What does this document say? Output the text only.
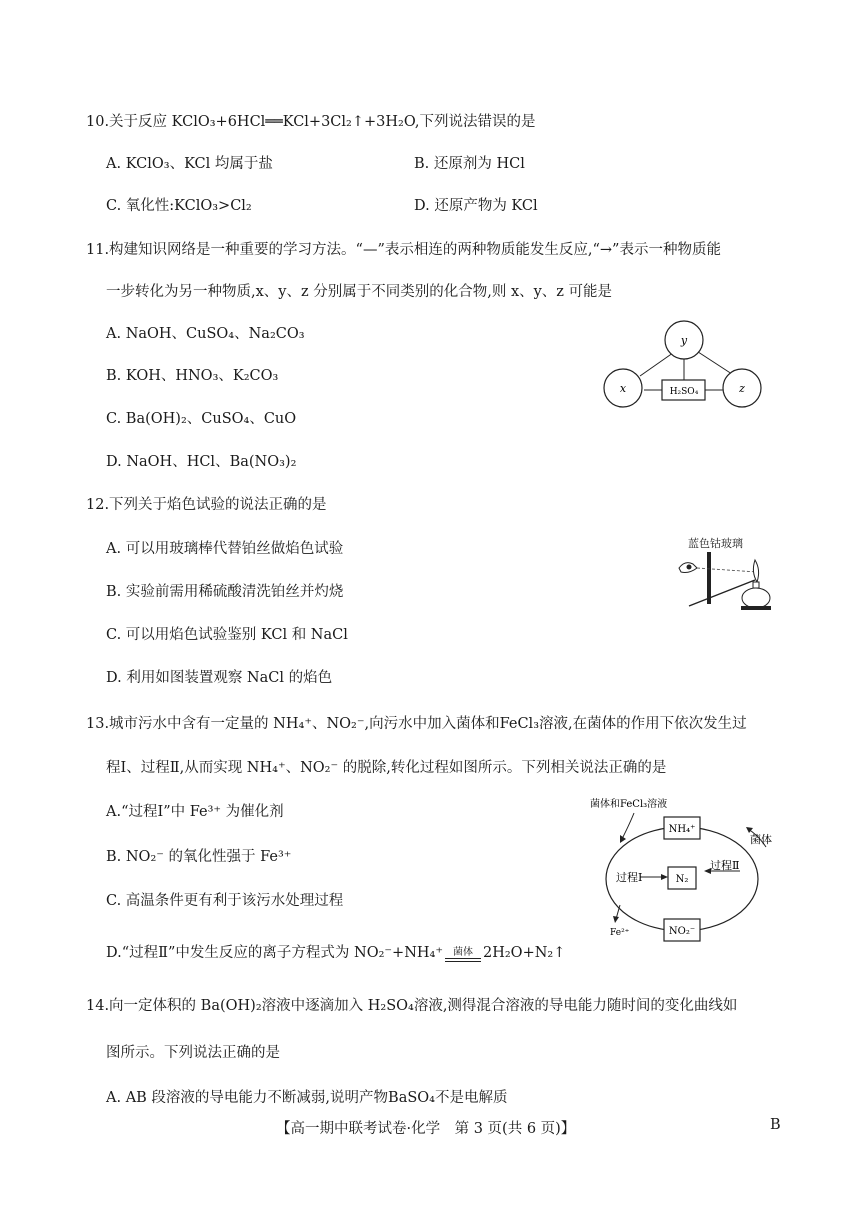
10.关于反应 KClO₃+6HCl══KCl+3Cl₂↑+3H₂O,下列说法错误的是
A. KClO₃、KCl 均属于盐	B. 还原剂为 HCl
C. 氧化性:KClO₃>Cl₂	D. 还原产物为 KCl
11.构建知识网络是一种重要的学习方法。“—”表示相连的两种物质能发生反应,“→”表示一种物质能
一步转化为另一种物质,x、y、z 分别属于不同类别的化合物,则 x、y、z 可能是
A. NaOH、CuSO₄、Na₂CO₃
B. KOH、HNO₃、K₂CO₃
C. Ba(OH)₂、CuSO₄、CuO
D. NaOH、HCl、Ba(NO₃)₂
y
x	z
H₂SO₄
12.下列关于焰色试验的说法正确的是
A. 可以用玻璃棒代替铂丝做焰色试验
B. 实验前需用稀硫酸清洗铂丝并灼烧
C. 可以用焰色试验鉴别 KCl 和 NaCl
D. 利用如图装置观察 NaCl 的焰色
蓝色钴玻璃
13.城市污水中含有一定量的 NH₄⁺、NO₂⁻,向污水中加入菌体和FeCl₃溶液,在菌体的作用下依次发生过
程Ⅰ、过程Ⅱ,从而实现 NH₄⁺、NO₂⁻ 的脱除,转化过程如图所示。下列相关说法正确的是
A.“过程Ⅰ”中 Fe³⁺ 为催化剂
B. NO₂⁻ 的氧化性强于 Fe³⁺
C. 高温条件更有利于该污水处理过程
D.“过程Ⅱ”中发生反应的离子方程式为 NO₂⁻+NH₄⁺	菌体 2H₂O+N₂↑
菌体和FeCl₃溶液
NH₄⁺
菌体
N₂
过程Ⅰ
过程Ⅱ
Fe²⁺	NO₂⁻
14.向一定体积的 Ba(OH)₂溶液中逐滴加入 H₂SO₄溶液,测得混合溶液的导电能力随时间的变化曲线如
图所示。下列说法正确的是
A. AB 段溶液的导电能力不断减弱,说明产物BaSO₄不是电解质
【高一期中联考试卷·化学　第 3 页(共 6 页)】	B
